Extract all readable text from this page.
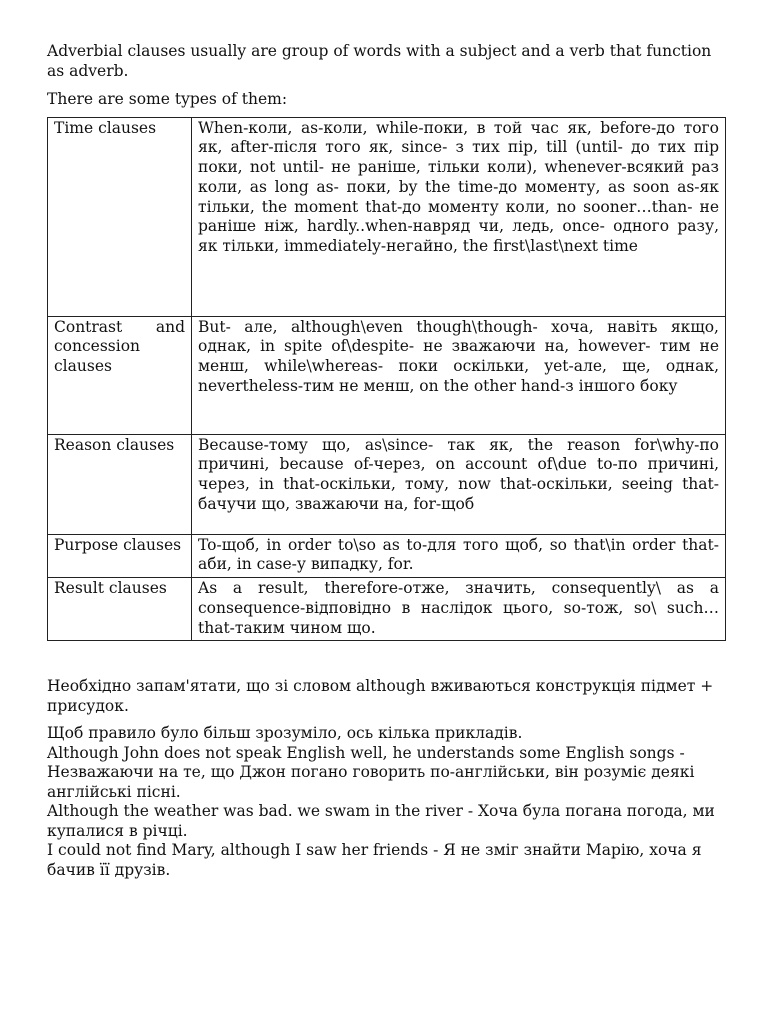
Adverbial clauses usually are group of words with a subject and a verb that function as adverb.

There are some types of them:

Time clauses	When-коли, as-коли, while-поки, в той час як, before-до того як, after-після того як, since- з тих пір, till (until- до тих пір поки, not until- не раніше, тільки коли), whenever-всякий раз коли, as long as- поки, by the time-до моменту, as soon as-як тільки, the moment that-до моменту коли, no sooner…than- не раніше ніж, hardly..when-навряд чи, ледь, once- одного разу, як тільки, immediately-негайно, the first\last\next time
Contrast and concession clauses	But- але, although\even though\though- хоча, навіть якщо, однак, in spite of\despite- не зважаючи на, however- тим не менш, while\whereas- поки оскільки, yet-але, ще, однак, nevertheless-тим не менш, on the other hand-з іншого боку
Reason clauses	Because-тому що, as\since- так як, the reason for\why-по причині, because of-через, on account of\due to-по причині, через, in that-оскільки, тому, now that-оскільки, seeing that-бачучи що, зважаючи на, for-щоб
Purpose clauses	To-щоб, in order to\so as to-для того щоб, so that\in order that-аби, in case-у випадку, for.
Result clauses	As a result, therefore-отже, значить, consequently\ as a consequence-відповідно в наслідок цього, so-тож, so\ such…that-таким чином що.

Необхідно запам'ятати, що зі словом although вживаються конструкція підмет + присудок.

Щоб правило було більш зрозуміло, ось кілька прикладів.

Although John does not speak English well, he understands some English songs - Незважаючи на те, що Джон погано говорить по-англійськи, він розуміє деякі англійські пісні.

Although the weather was bad. we swam in the river - Хоча була погана погода, ми купалися в річці.

I could not find Mary, although I saw her friends - Я не зміг знайти Марію, хоча я бачив її друзів.
